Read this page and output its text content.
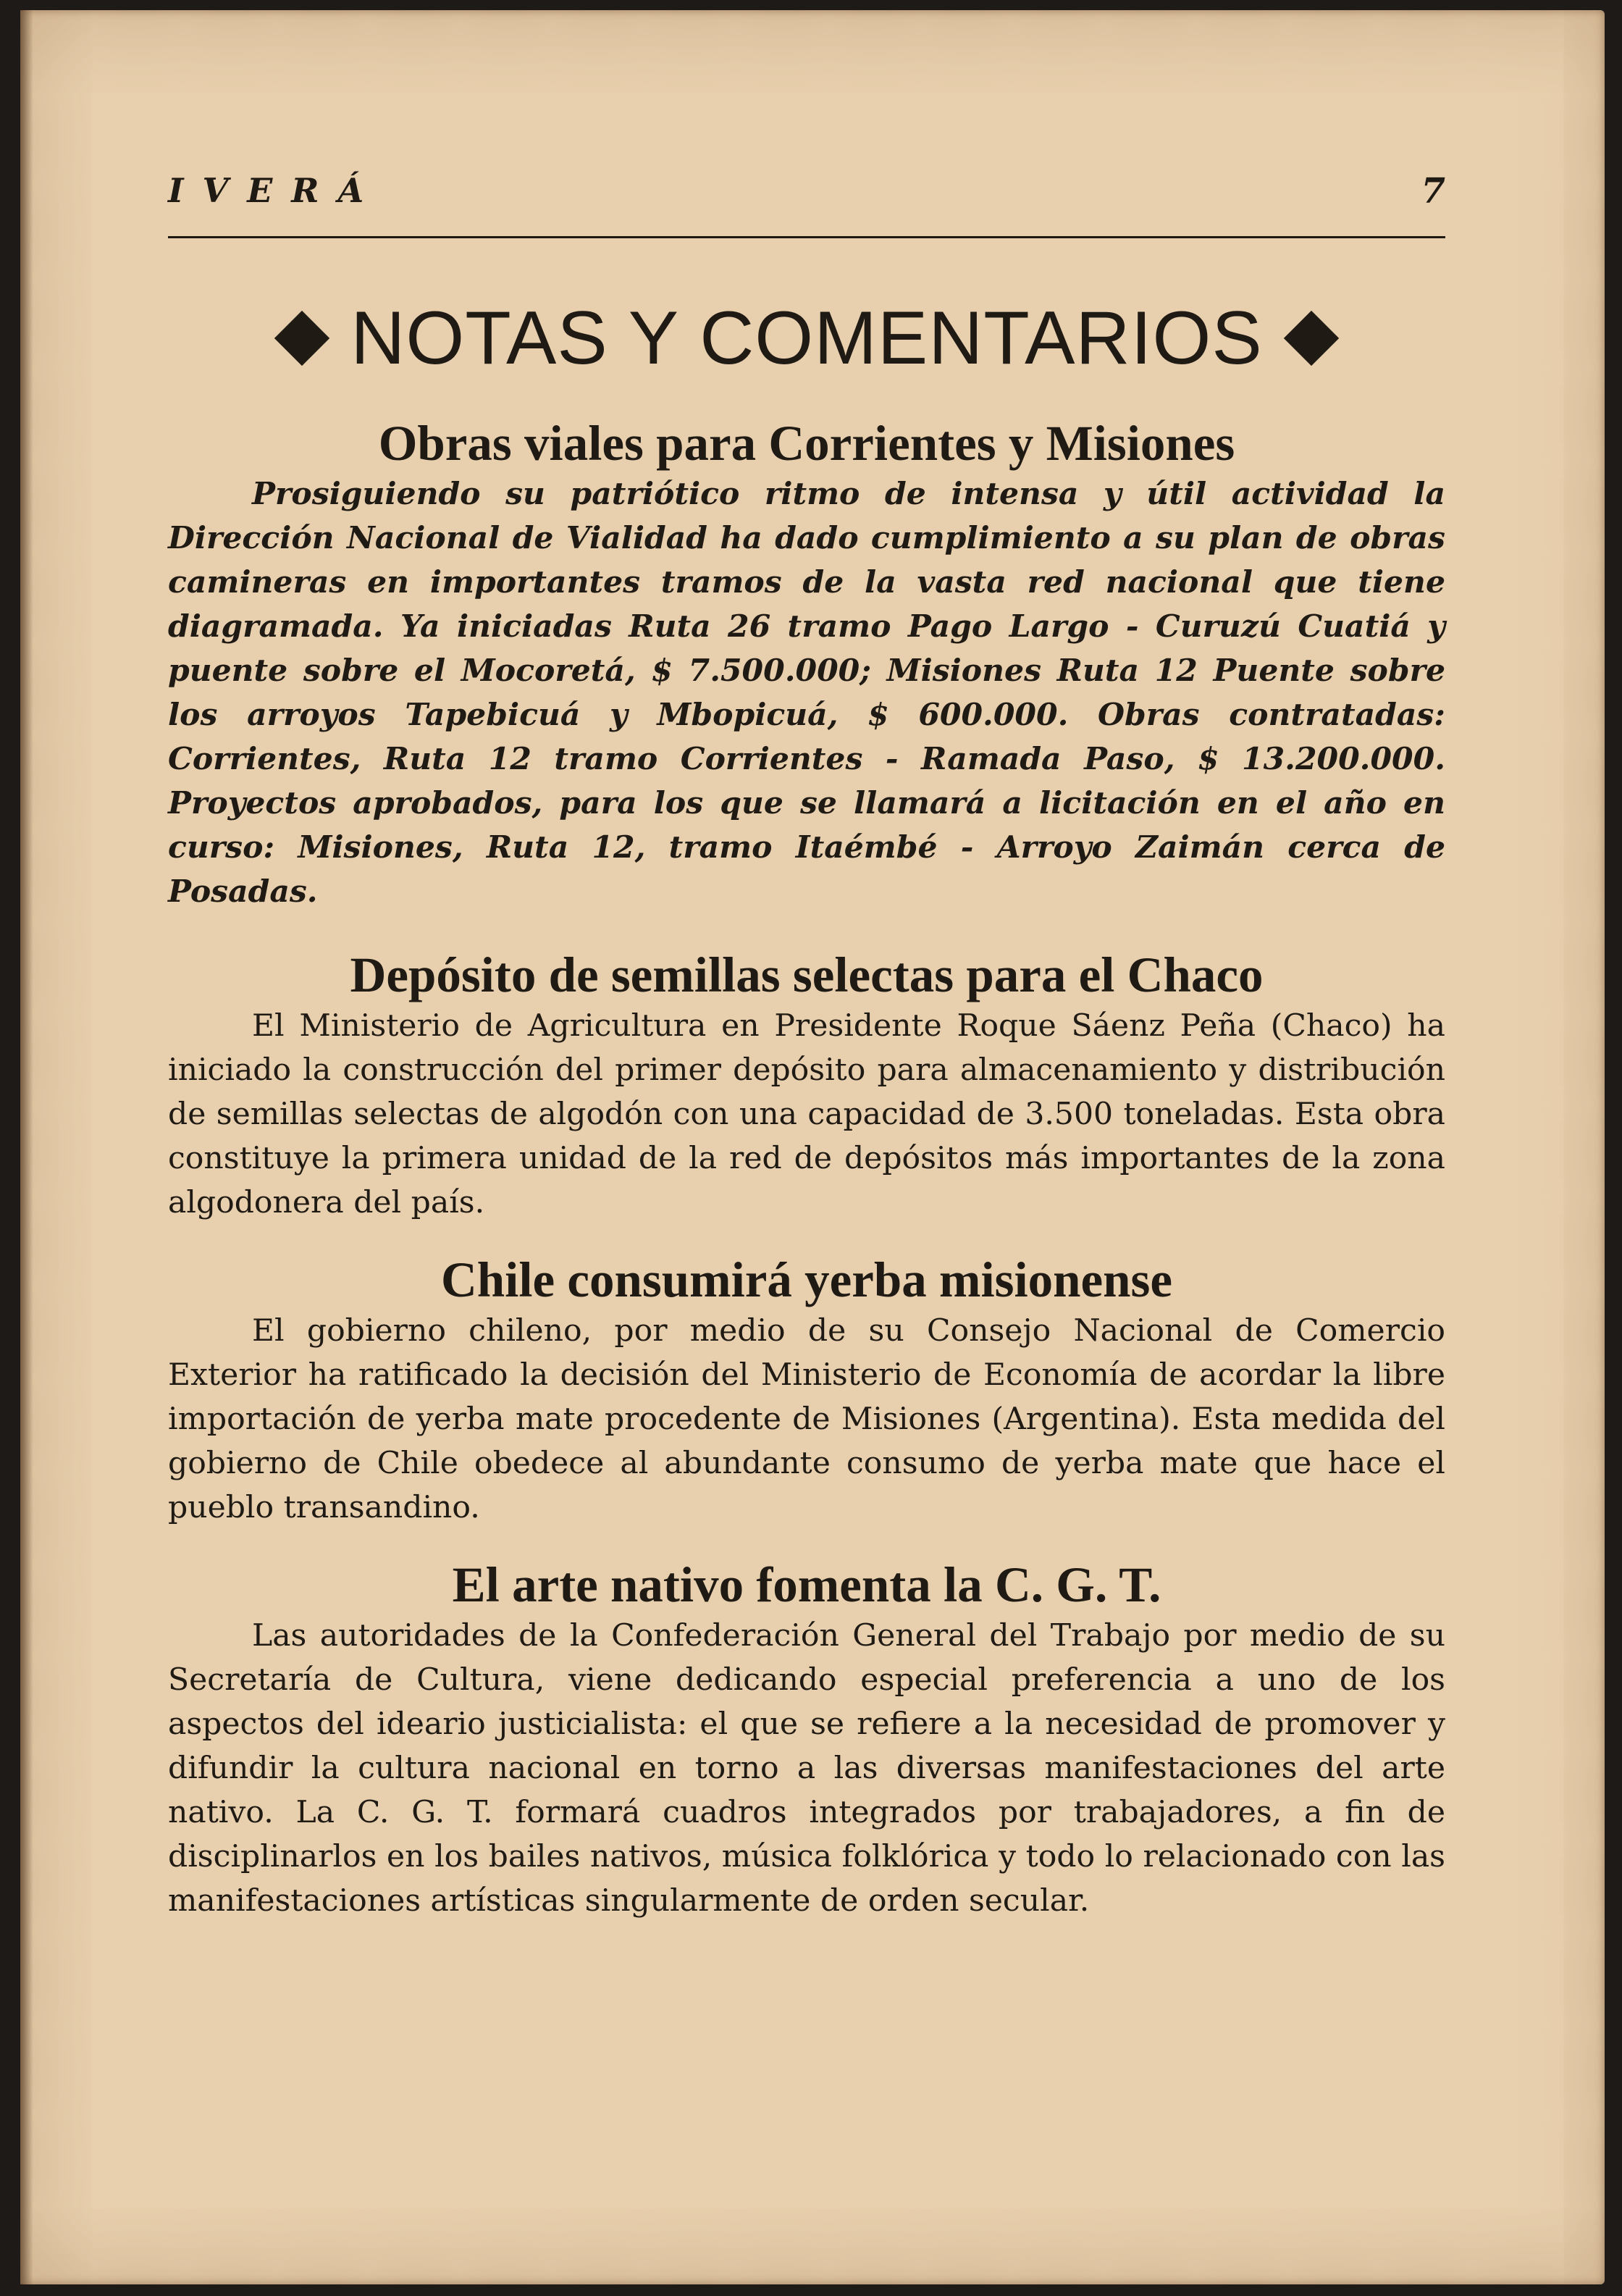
IVERÁ	7
NOTAS Y COMENTARIOS
Obras viales para Corrientes y Misiones

Prosiguiendo su patriótico ritmo de intensa y útil actividad la Dirección Nacional de Vialidad ha dado cumplimiento a su plan de obras camineras en importantes tramos de la vasta red nacional que tiene diagramada. Ya iniciadas Ruta 26 tramo Pago Largo - Curuzú Cuatiá y puente sobre el Mocoretá, $ 7.500.000; Misiones Ruta 12 Puente sobre los arroyos Tapebicuá y Mbopicuá, $ 600.000. Obras contratadas: Corrientes, Ruta 12 tramo Corrientes - Ramada Paso, $ 13.200.000. Proyectos aprobados, para los que se llamará a licitación en el año en curso: Misiones, Ruta 12, tramo Itaémbé - Arroyo Zaimán cerca de Posadas.

Depósito de semillas selectas para el Chaco

El Ministerio de Agricultura en Presidente Roque Sáenz Peña (Chaco) ha iniciado la construcción del primer depósito para almacenamiento y distribución de semillas selectas de algodón con una capacidad de 3.500 toneladas. Esta obra constituye la primera unidad de la red de depósitos más importantes de la zona algodonera del país.

Chile consumirá yerba misionense

El gobierno chileno, por medio de su Consejo Nacional de Comercio Exterior ha ratificado la decisión del Ministerio de Economía de acordar la libre importación de yerba mate procedente de Misiones (Argentina). Esta medida del gobierno de Chile obedece al abundante consumo de yerba mate que hace el pueblo transandino.

El arte nativo fomenta la C. G. T.

Las autoridades de la Confederación General del Trabajo por medio de su Secretaría de Cultura, viene dedicando especial preferencia a uno de los aspectos del ideario justicialista: el que se refiere a la necesidad de promover y difundir la cultura nacional en torno a las diversas manifestaciones del arte nativo. La C. G. T. formará cuadros integrados por trabajadores, a fin de disciplinarlos en los bailes nativos, música folklórica y todo lo relacionado con las manifestaciones artísticas singularmente de orden secular.
